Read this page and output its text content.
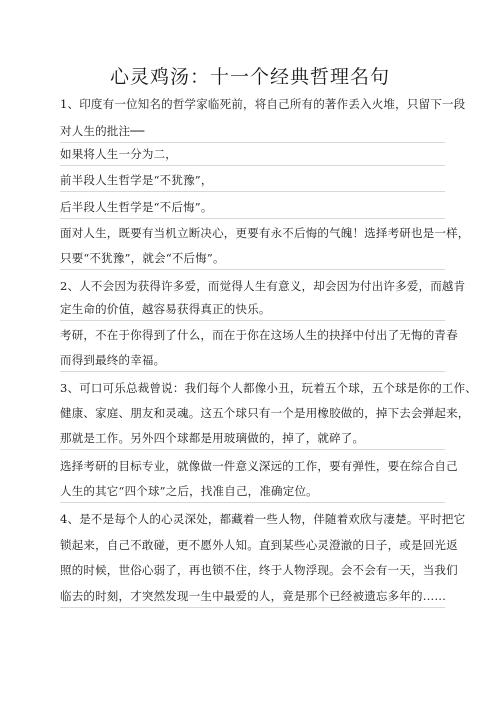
心灵鸡汤：十一个经典哲理名句
1、印度有一位知名的哲学家临死前，将自己所有的著作丢入火堆，只留下一段
对人生的批注──
如果将人生一分为二，
前半段人生哲学是“不犹豫”，
后半段人生哲学是“不后悔”。
面对人生，既要有当机立断决心，更要有永不后悔的气魄！选择考研也是一样，
只要“不犹豫”，就会“不后悔”。
2、人不会因为获得许多爱，而觉得人生有意义，却会因为付出许多爱，而越肯
定生命的价值，越容易获得真正的快乐。
考研，不在于你得到了什么，而在于你在这场人生的抉择中付出了无悔的青春
而得到最终的幸福。
3、可口可乐总裁曾说：我们每个人都像小丑，玩着五个球，五个球是你的工作、
健康、家庭、朋友和灵魂。这五个球只有一个是用橡胶做的，掉下去会弹起来，
那就是工作。另外四个球都是用玻璃做的，掉了，就碎了。
选择考研的目标专业，就像做一件意义深远的工作，要有弹性，要在综合自己
人生的其它“四个球”之后，找准自己，准确定位。
4、是不是每个人的心灵深处，都藏着一些人物，伴随着欢欣与凄楚。平时把它
锁起来，自己不敢碰，更不愿外人知。直到某些心灵澄澈的日子，或是回光返
照的时候，世俗心弱了，再也锁不住，终于人物浮现。会不会有一天，当我们
临去的时刻，才突然发现一生中最爱的人，竟是那个已经被遗忘多年的……
